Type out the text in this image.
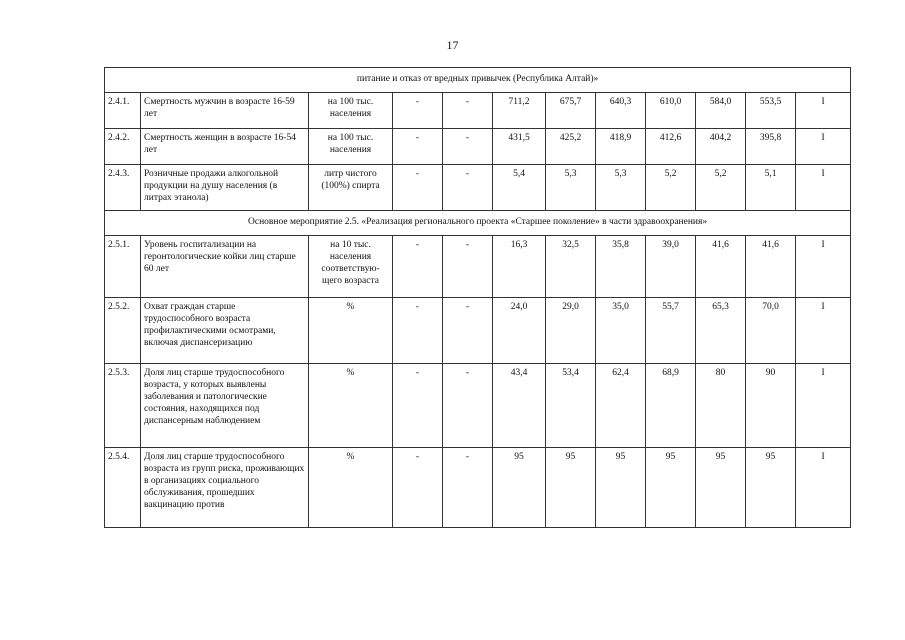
17
питание и отказ от вредных привычек (Республика Алтай)»											
2.4.1.	Смертность мужчин в возрасте 16-59 лет	на 100 тыс. населения	-	-	711,2	675,7	640,3	610,0	584,0	553,5	I
2.4.2.	Смертность женщин в возрасте 16-54 лет	на 100 тыс. населения	-	-	431,5	425,2	418,9	412,6	404,2	395,8	I
2.4.3.	Розничные продажи алкогольной продукции на душу населения (в литрах этанола)	литр чистого (100%) спирта	-	-	5,4	5,3	5,3	5,2	5,2	5,1	I
Основное мероприятие 2.5. «Реализация регионального проекта «Старшее поколение» в части здравоохранения»											
2.5.1.	Уровень госпитализации на геронтологические койки лиц старше 60 лет	на 10 тыс. населения соответствую-щего возраста	-	-	16,3	32,5	35,8	39,0	41,6	41,6	I
2.5.2.	Охват граждан старше трудоспособного возраста профилактическими осмотрами, включая диспансеризацию	%	-	-	24,0	29,0	35,0	55,7	65,3	70,0	I
2.5.3.	Доля лиц старше трудоспособного возраста, у которых выявлены заболевания и патологические состояния, находящихся под диспансерным наблюдением	%	-	-	43,4	53,4	62,4	68,9	80	90	I
2.5.4.	Доля лиц старше трудоспособного возраста из групп риска, проживающих в организациях социального обслуживания, прошедших вакцинацию против	%	-	-	95	95	95	95	95	95	I
